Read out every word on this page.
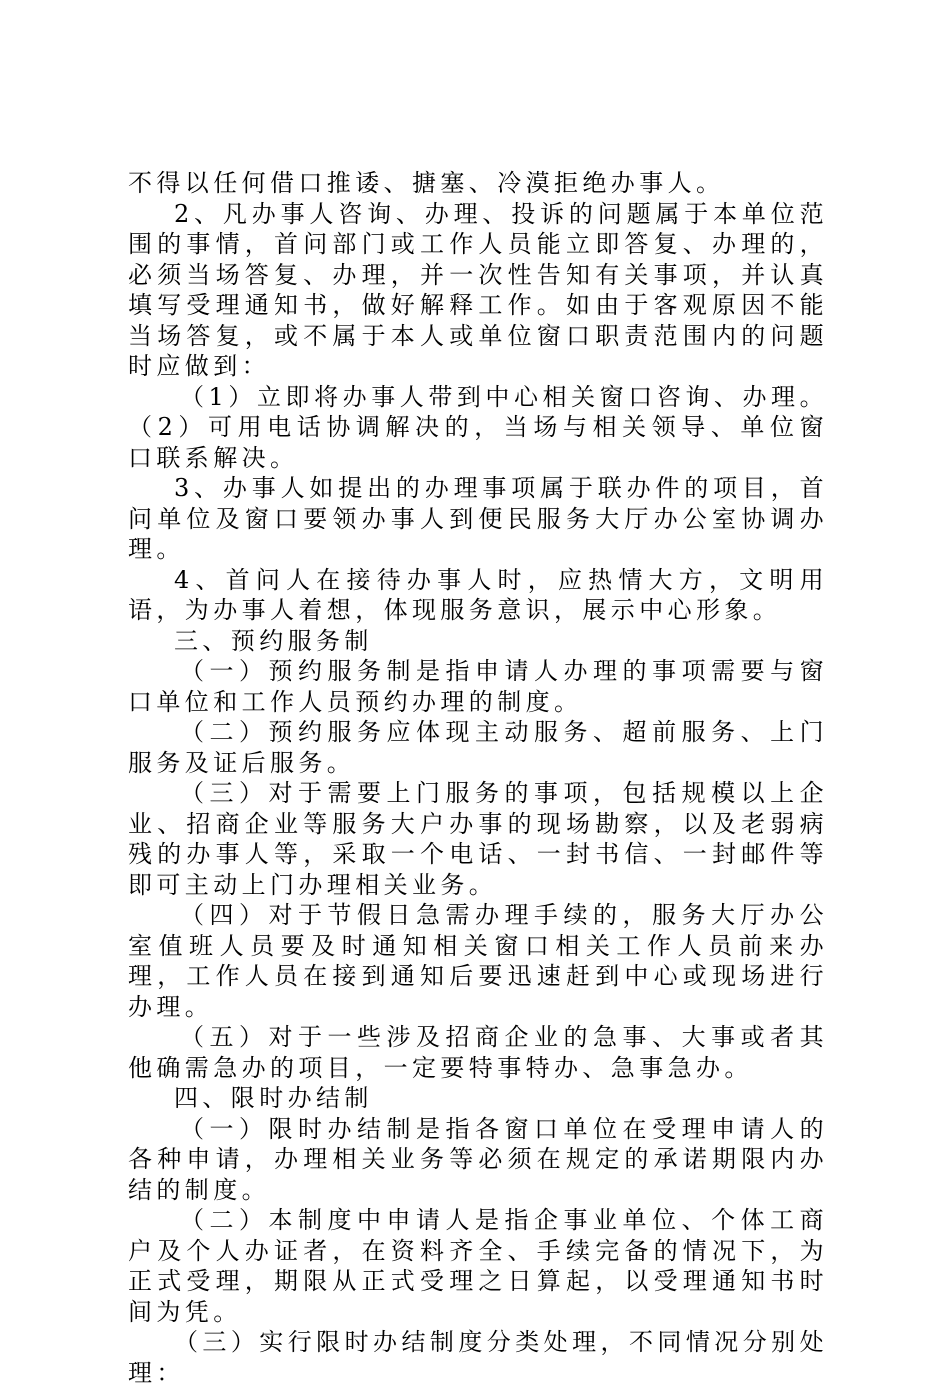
不得以任何借口推诿、搪塞、冷漠拒绝办事人。

2、凡办事人咨询、办理、投诉的问题属于本单位范围的事情，首问部门或工作人员能立即答复、办理的，必须当场答复、办理，并一次性告知有关事项，并认真填写受理通知书，做好解释工作。如由于客观原因不能当场答复，或不属于本人或单位窗口职责范围内的问题时应做到：

（1）立即将办事人带到中心相关窗口咨询、办理。（2）可用电话协调解决的，当场与相关领导、单位窗口联系解决。

3、办事人如提出的办理事项属于联办件的项目，首问单位及窗口要领办事人到便民服务大厅办公室协调办理。

4、首问人在接待办事人时，应热情大方，文明用语，为办事人着想，体现服务意识，展示中心形象。

三、预约服务制

（一）预约服务制是指申请人办理的事项需要与窗口单位和工作人员预约办理的制度。

（二）预约服务应体现主动服务、超前服务、上门服务及证后服务。

（三）对于需要上门服务的事项，包括规模以上企业、招商企业等服务大户办事的现场勘察，以及老弱病残的办事人等，采取一个电话、一封书信、一封邮件等即可主动上门办理相关业务。

（四）对于节假日急需办理手续的，服务大厅办公室值班人员要及时通知相关窗口相关工作人员前来办理，工作人员在接到通知后要迅速赶到中心或现场进行办理。

（五）对于一些涉及招商企业的急事、大事或者其他确需急办的项目，一定要特事特办、急事急办。

四、限时办结制

（一）限时办结制是指各窗口单位在受理申请人的各种申请，办理相关业务等必须在规定的承诺期限内办结的制度。

（二）本制度中申请人是指企事业单位、个体工商户及个人办证者，在资料齐全、手续完备的情况下，为正式受理，期限从正式受理之日算起，以受理通知书时间为凭。

（三）实行限时办结制度分类处理，不同情况分别处理：
